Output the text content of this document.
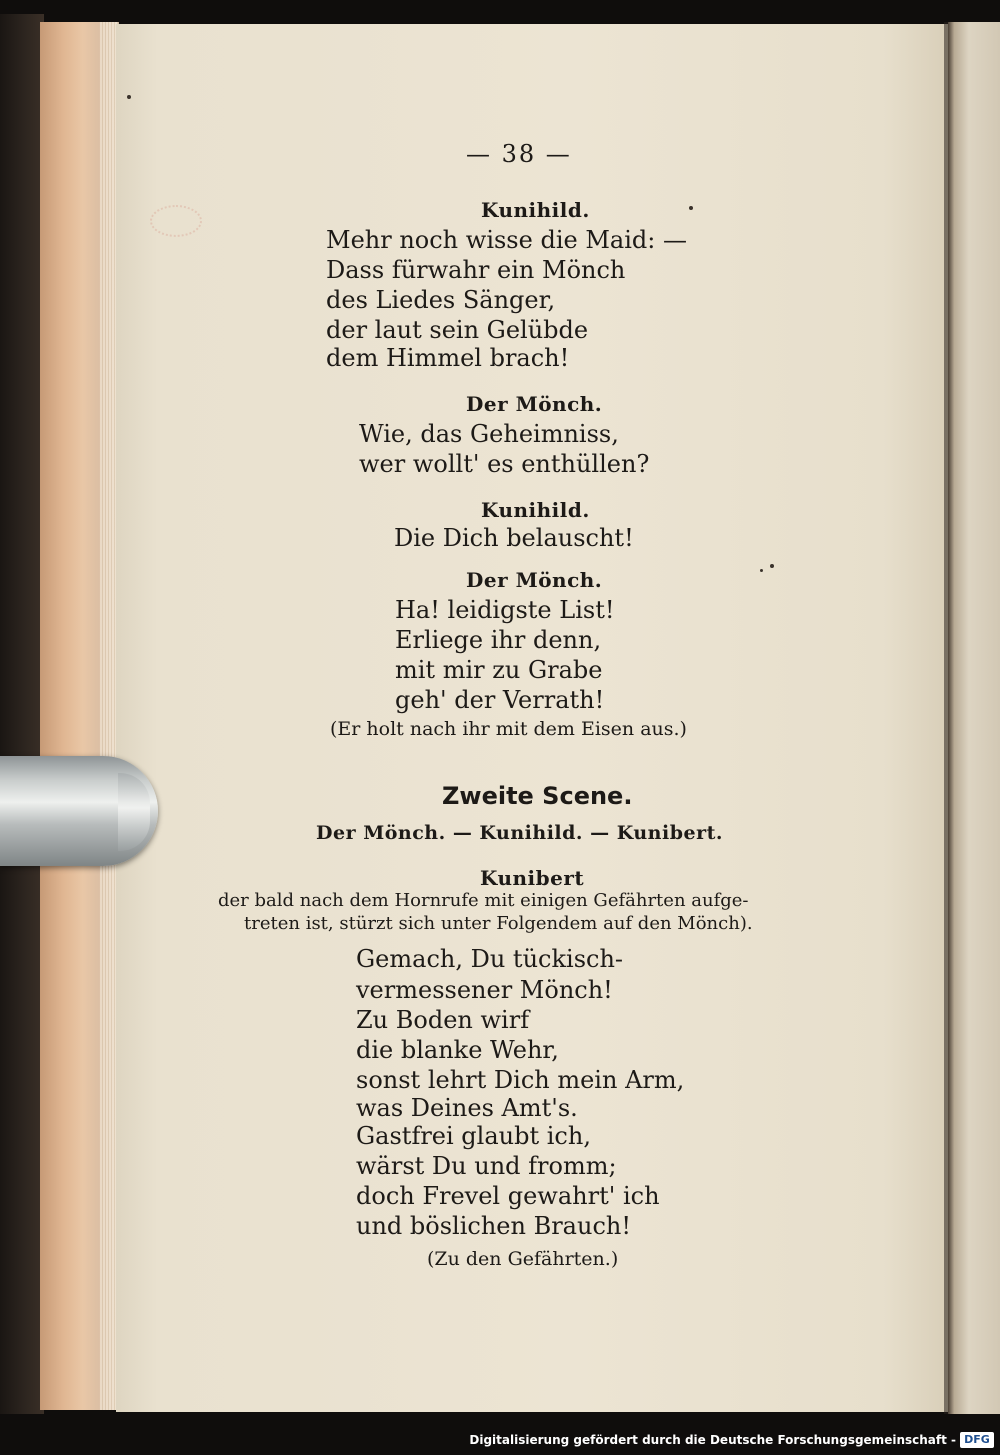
— 38 —
Kunihild.
Mehr noch wisse die Maid: —
Dass fürwahr ein Mönch
des Liedes Sänger,
der laut sein Gelübde
dem Himmel brach!
Der Mönch.
Wie, das Geheimniss,
wer wollt' es enthüllen?
Kunihild.
Die Dich belauscht!
Der Mönch.
Ha! leidigste List!
Erliege ihr denn,
mit mir zu Grabe
geh' der Verrath!
(Er holt nach ihr mit dem Eisen aus.)
Zweite Scene.
Der Mönch. — Kunihild. — Kunibert.
Kunibert
der bald nach dem Hornrufe mit einigen Gefährten aufge-
treten ist, stürzt sich unter Folgendem auf den Mönch).
Gemach, Du tückisch-
vermessener Mönch!
Zu Boden wirf
die blanke Wehr,
sonst lehrt Dich mein Arm,
was Deines Amt's.
Gastfrei glaubt ich,
wärst Du und fromm;
doch Frevel gewahrt' ich
und böslichen Brauch!
(Zu den Gefährten.)
Digitalisierung gefördert durch die Deutsche Forschungsgemeinschaft - DFG
